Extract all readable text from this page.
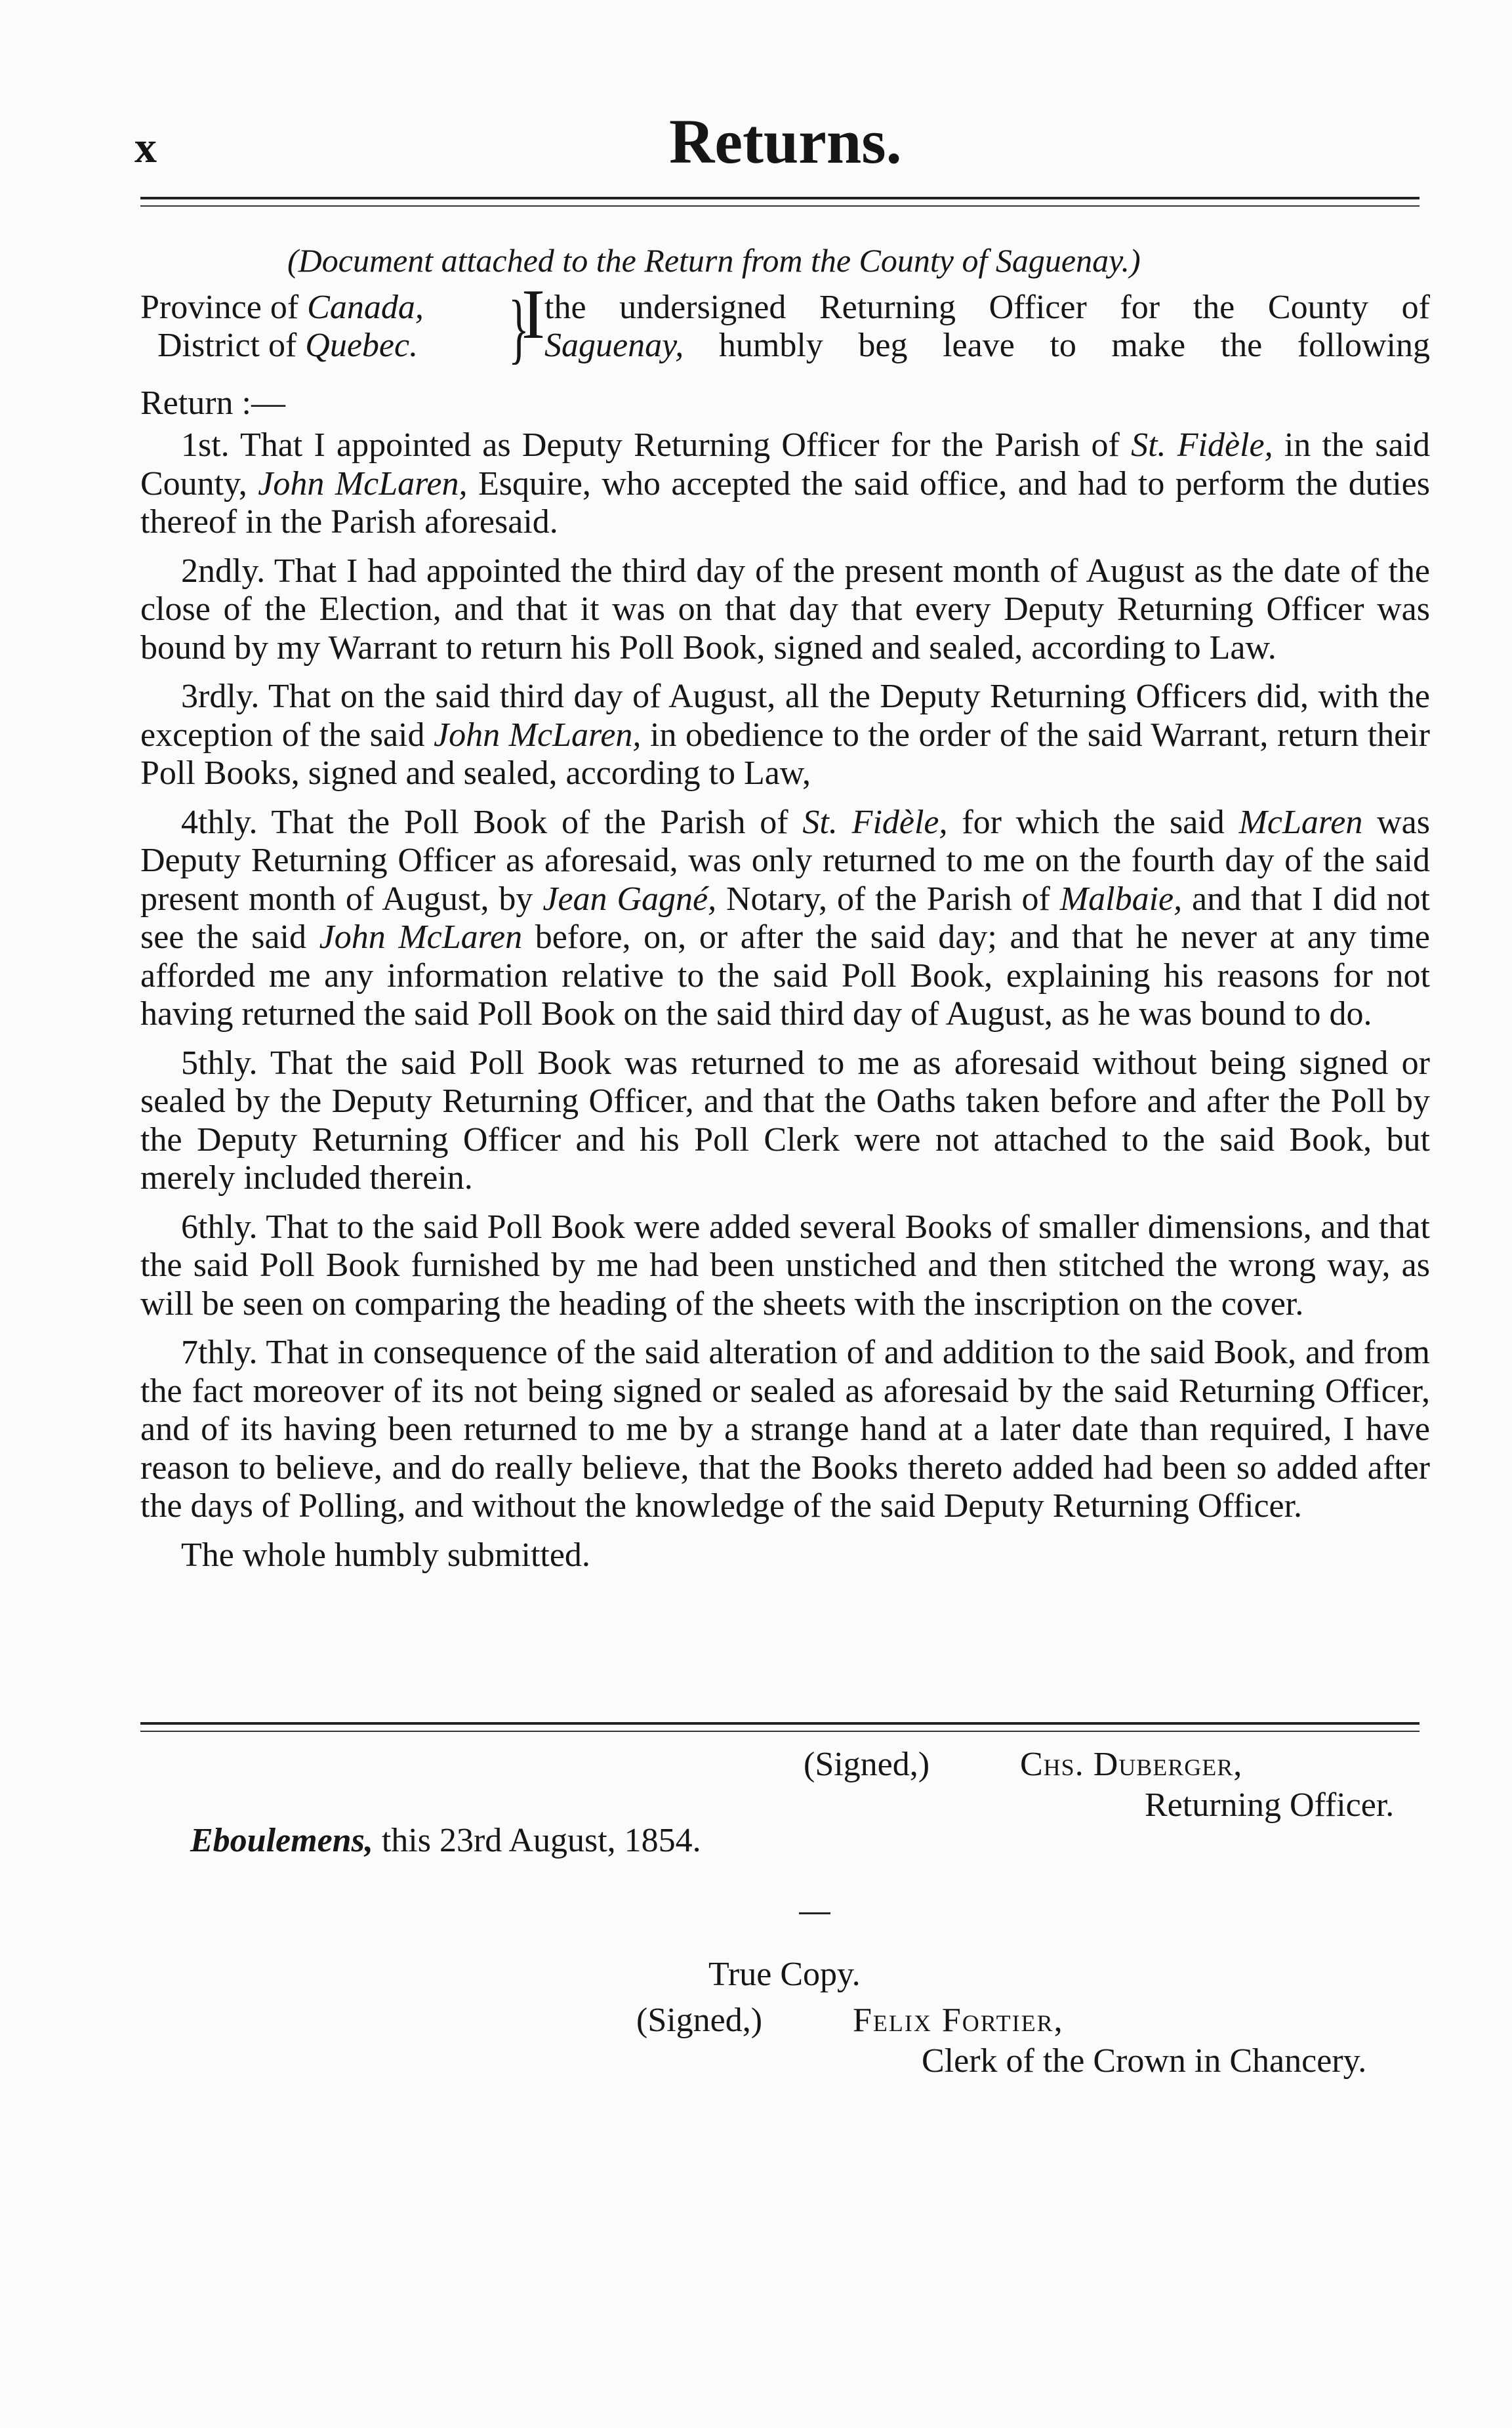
x	Returns.
(Document attached to the Return from the County of Saguenay.)
Province of Canada,
District of Quebec. }
I the undersigned Returning Officer for the County of
Saguenay, humbly beg leave to make the following
Return :—

1st. That I appointed as Deputy Returning Officer for the Parish of St. Fidèle, in the said County, John McLaren, Esquire, who accepted the said office, and had to perform the duties thereof in the Parish aforesaid.

2ndly. That I had appointed the third day of the present month of August as the date of the close of the Election, and that it was on that day that every Deputy Returning Officer was bound by my Warrant to return his Poll Book, signed and sealed, according to Law.

3rdly. That on the said third day of August, all the Deputy Returning Officers did, with the exception of the said John McLaren, in obedience to the order of the said Warrant, return their Poll Books, signed and sealed, according to Law,

4thly. That the Poll Book of the Parish of St. Fidèle, for which the said McLaren was Deputy Returning Officer as aforesaid, was only returned to me on the fourth day of the said present month of August, by Jean Gagné, Notary, of the Parish of Malbaie, and that I did not see the said John McLaren before, on, or after the said day; and that he never at any time afforded me any information relative to the said Poll Book, explaining his reasons for not having returned the said Poll Book on the said third day of August, as he was bound to do.

5thly. That the said Poll Book was returned to me as aforesaid without being signed or sealed by the Deputy Returning Officer, and that the Oaths taken before and after the Poll by the Deputy Returning Officer and his Poll Clerk were not attached to the said Book, but merely included therein.

6thly. That to the said Poll Book were added several Books of smaller dimensions, and that the said Poll Book furnished by me had been unstiched and then stitched the wrong way, as will be seen on comparing the heading of the sheets with the inscription on the cover.

7thly. That in consequence of the said alteration of and addition to the said Book, and from the fact moreover of its not being signed or sealed as aforesaid by the said Returning Officer, and of its having been returned to me by a strange hand at a later date than required, I have reason to believe, and do really believe, that the Books thereto added had been so added after the days of Polling, and without the knowledge of the said Deputy Returning Officer.

The whole humbly submitted.

(Signed,)	Chs. Duberger,
Returning Officer.
Eboulemens, this 23rd August, 1854.
True Copy.
(Signed,)	Felix Fortier,
Clerk of the Crown in Chancery.
